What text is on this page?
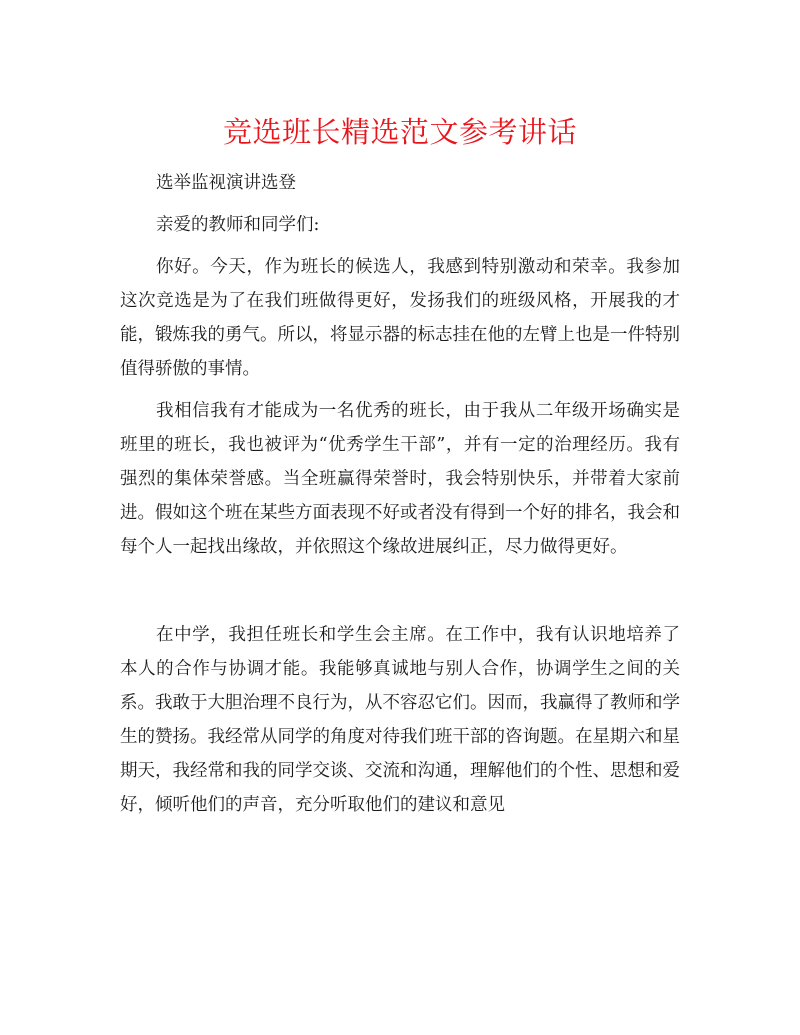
竞选班长精选范文参考讲话

选举监视演讲选登

亲爱的教师和同学们:

你好。今天，作为班长的候选人，我感到特别激动和荣幸。我参加这次竞选是为了在我们班做得更好，发扬我们的班级风格，开展我的才能，锻炼我的勇气。所以，将显示器的标志挂在他的左臂上也是一件特别值得骄傲的事情。

我相信我有才能成为一名优秀的班长，由于我从二年级开场确实是班里的班长，我也被评为“优秀学生干部”，并有一定的治理经历。我有强烈的集体荣誉感。当全班赢得荣誉时，我会特别快乐，并带着大家前进。假如这个班在某些方面表现不好或者没有得到一个好的排名，我会和每个人一起找出缘故，并依照这个缘故进展纠正，尽力做得更好。

在中学，我担任班长和学生会主席。在工作中，我有认识地培养了本人的合作与协调才能。我能够真诚地与别人合作，协调学生之间的关系。我敢于大胆治理不良行为，从不容忍它们。因而，我赢得了教师和学生的赞扬。我经常从同学的角度对待我们班干部的咨询题。在星期六和星期天，我经常和我的同学交谈、交流和沟通，理解他们的个性、思想和爱好，倾听他们的声音，充分听取他们的建议和意见
